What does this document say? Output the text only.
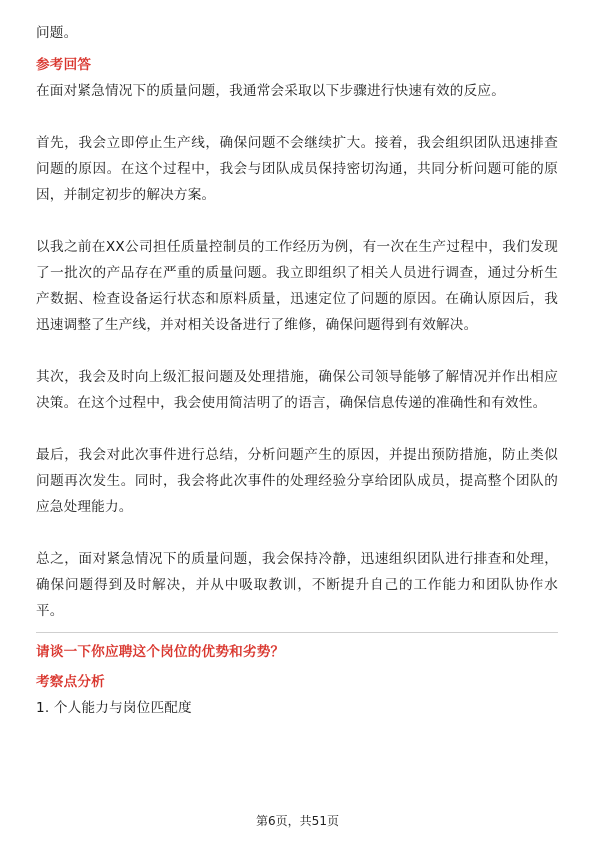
问题。

参考回答

在面对紧急情况下的质量问题，我通常会采取以下步骤进行快速有效的反应。

首先，我会立即停止生产线，确保问题不会继续扩大。接着，我会组织团队迅速排查问题的原因。在这个过程中，我会与团队成员保持密切沟通，共同分析问题可能的原因，并制定初步的解决方案。

以我之前在XX公司担任质量控制员的工作经历为例，有一次在生产过程中，我们发现了一批次的产品存在严重的质量问题。我立即组织了相关人员进行调查，通过分析生产数据、检查设备运行状态和原料质量，迅速定位了问题的原因。在确认原因后，我迅速调整了生产线，并对相关设备进行了维修，确保问题得到有效解决。

其次，我会及时向上级汇报问题及处理措施，确保公司领导能够了解情况并作出相应决策。在这个过程中，我会使用简洁明了的语言，确保信息传递的准确性和有效性。

最后，我会对此次事件进行总结，分析问题产生的原因，并提出预防措施，防止类似问题再次发生。同时，我会将此次事件的处理经验分享给团队成员，提高整个团队的应急处理能力。

总之，面对紧急情况下的质量问题，我会保持冷静，迅速组织团队进行排查和处理，确保问题得到及时解决，并从中吸取教训，不断提升自己的工作能力和团队协作水平。

请谈一下你应聘这个岗位的优势和劣势？

考察点分析

1. 个人能力与岗位匹配度

第6页，共51页
